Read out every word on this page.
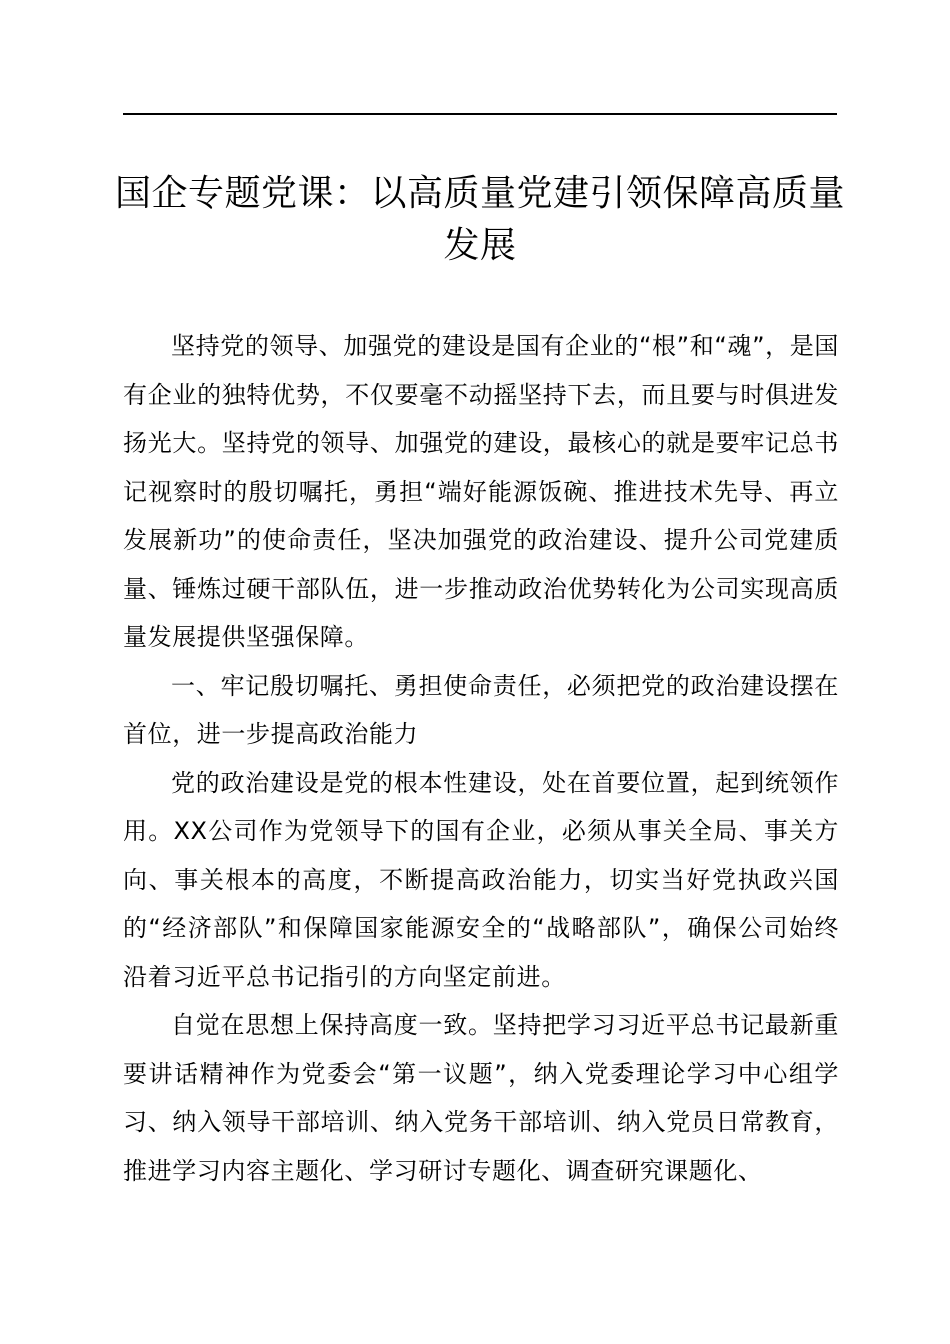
国企专题党课：以高质量党建引领保障高质量发展

坚持党的领导、加强党的建设是国有企业的“根”和“魂”，是国有企业的独特优势，不仅要毫不动摇坚持下去，而且要与时俱进发扬光大。坚持党的领导、加强党的建设，最核心的就是要牢记总书记视察时的殷切嘱托，勇担“端好能源饭碗、推进技术先导、再立发展新功”的使命责任，坚决加强党的政治建设、提升公司党建质量、锤炼过硬干部队伍，进一步推动政治优势转化为公司实现高质量发展提供坚强保障。

一、牢记殷切嘱托、勇担使命责任，必须把党的政治建设摆在首位，进一步提高政治能力

党的政治建设是党的根本性建设，处在首要位置，起到统领作用。XX公司作为党领导下的国有企业，必须从事关全局、事关方向、事关根本的高度，不断提高政治能力，切实当好党执政兴国的“经济部队”和保障国家能源安全的“战略部队”，确保公司始终沿着习近平总书记指引的方向坚定前进。

自觉在思想上保持高度一致。坚持把学习习近平总书记最新重要讲话精神作为党委会“第一议题”，纳入党委理论学习中心组学习、纳入领导干部培训、纳入党务干部培训、纳入党员日常教育，推进学习内容主题化、学习研讨专题化、调查研究课题化、
